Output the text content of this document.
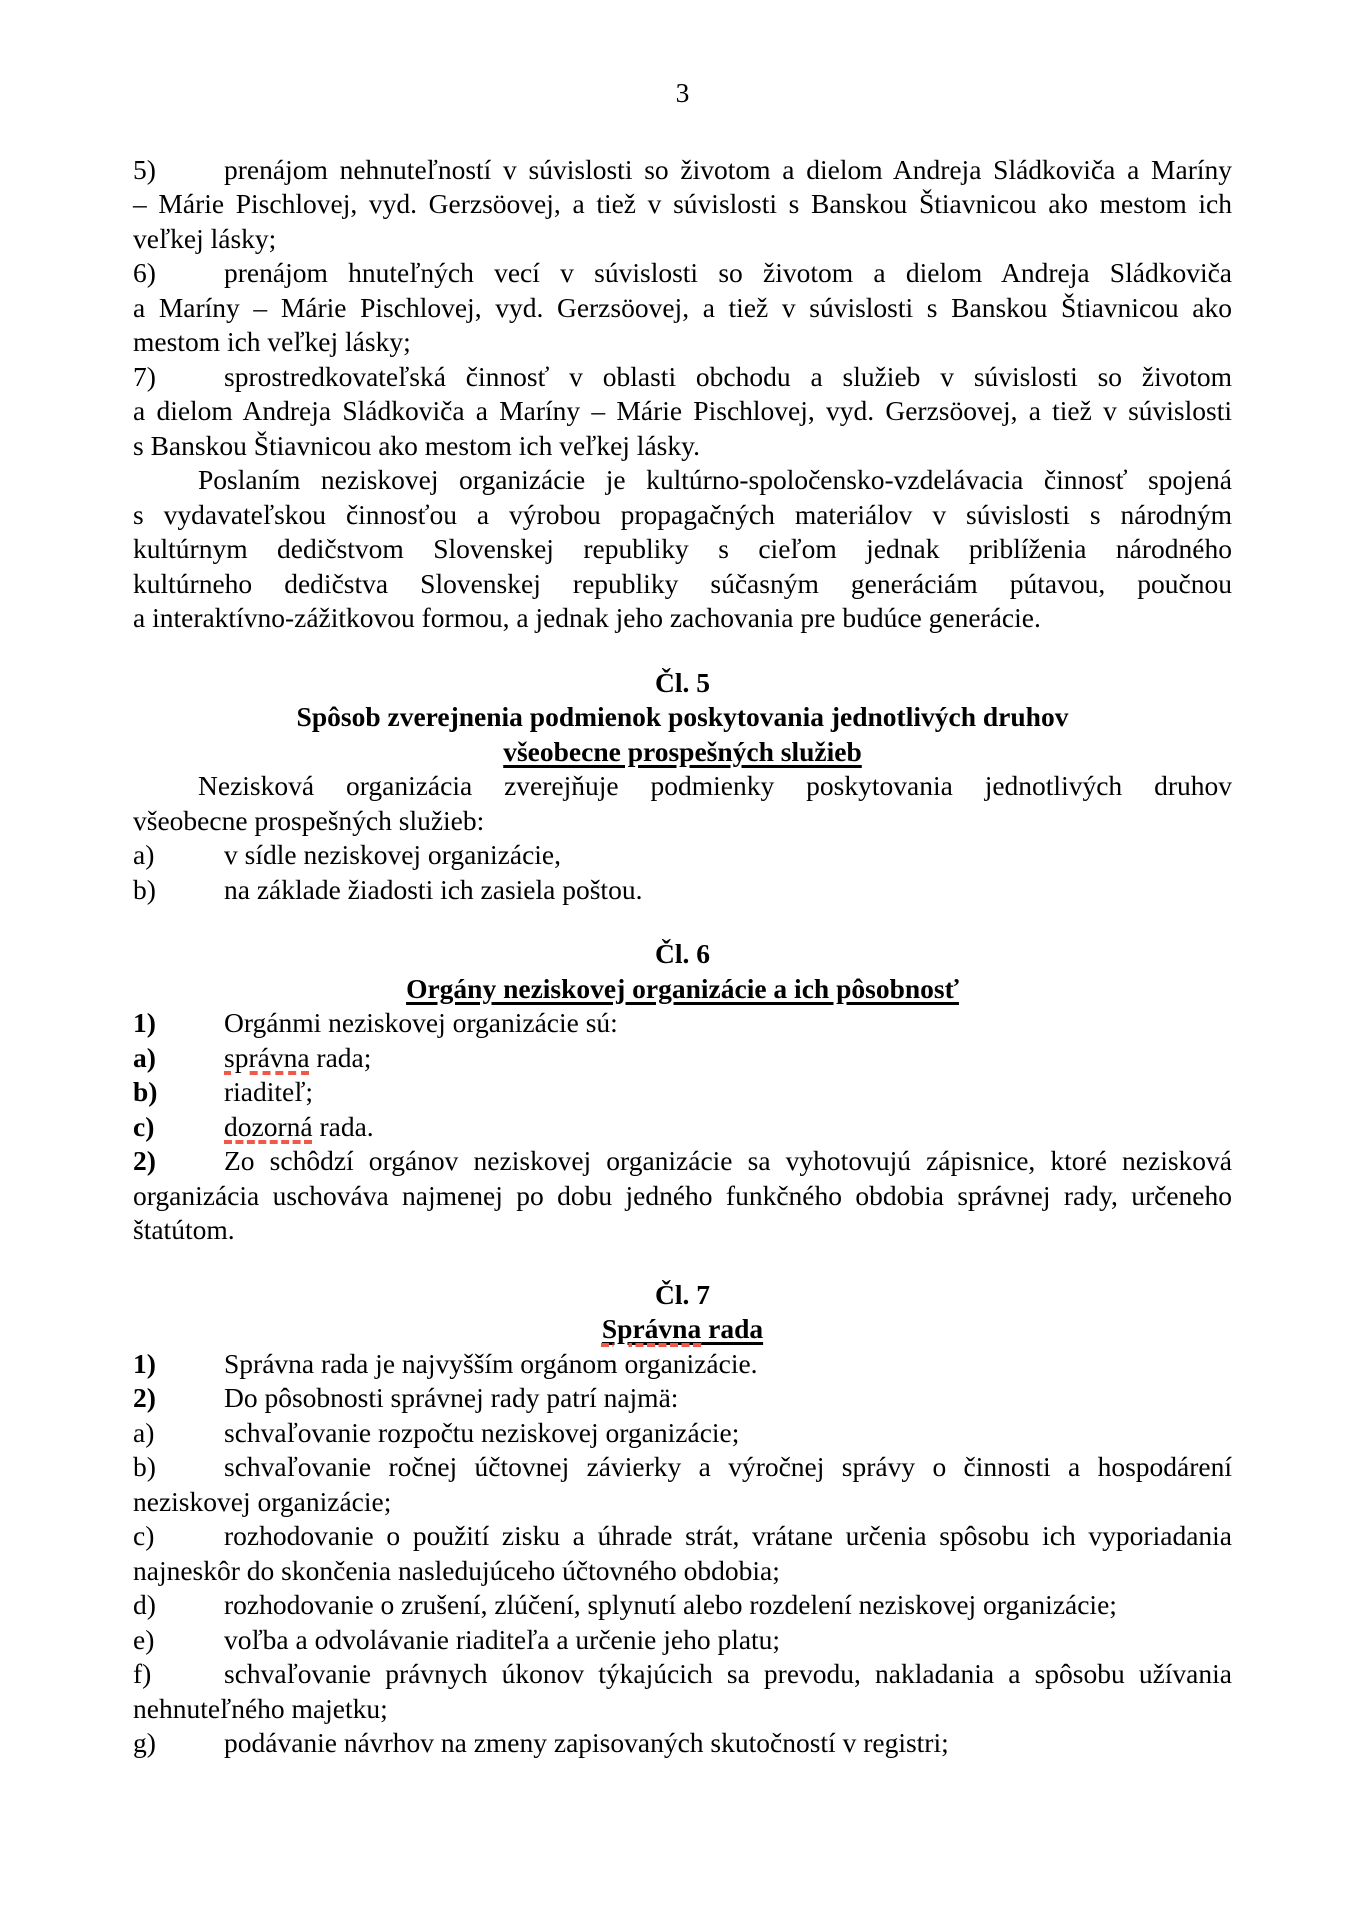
3
5) prenájom nehnuteľností v súvislosti so životom a dielom Andreja Sládkoviča a Maríny
– Márie Pischlovej, vyd. Gerzsöovej, a tiež v súvislosti s Banskou Štiavnicou ako mestom ich
veľkej lásky;
6) prenájom hnuteľných vecí v súvislosti so životom a dielom Andreja Sládkoviča
a Maríny – Márie Pischlovej, vyd. Gerzsöovej, a tiež v súvislosti s Banskou Štiavnicou ako
mestom ich veľkej lásky;
7) sprostredkovateľská činnosť v oblasti obchodu a služieb v súvislosti so životom
a dielom Andreja Sládkoviča a Maríny – Márie Pischlovej, vyd. Gerzsöovej, a tiež v súvislosti
s Banskou Štiavnicou ako mestom ich veľkej lásky.
Poslaním neziskovej organizácie je kultúrno-spoločensko-vzdelávacia činnosť spojená
s vydavateľskou činnosťou a výrobou propagačných materiálov v súvislosti s národným
kultúrnym dedičstvom Slovenskej republiky s cieľom jednak priblíženia národného
kultúrneho dedičstva Slovenskej republiky súčasným generáciám pútavou, poučnou
a interaktívno-zážitkovou formou, a jednak jeho zachovania pre budúce generácie.
Čl. 5
Spôsob zverejnenia podmienok poskytovania jednotlivých druhov
všeobecne prospešných služieb
Nezisková organizácia zverejňuje podmienky poskytovania jednotlivých druhov
všeobecne prospešných služieb:
a)	v sídle neziskovej organizácie,
b) na základe žiadosti ich zasiela poštou.
Čl. 6
Orgány neziskovej organizácie a ich pôsobnosť
1) Orgánmi neziskovej organizácie sú:
a) správna rada;
b) riaditeľ;
c)	dozorná rada.
2) Zo schôdzí orgánov neziskovej organizácie sa vyhotovujú zápisnice, ktoré nezisková
organizácia uschováva najmenej po dobu jedného funkčného obdobia správnej rady, určeneho
štatútom.
Čl. 7
Správna rada
1) Správna rada je najvyšším orgánom organizácie.
2) Do pôsobnosti správnej rady patrí najmä:
a)	schvaľovanie rozpočtu neziskovej organizácie;
b) schvaľovanie ročnej účtovnej závierky a výročnej správy o činnosti a hospodárení
neziskovej organizácie;
c)	rozhodovanie o použití zisku a úhrade strát, vrátane určenia spôsobu ich vyporiadania
najneskôr do skončenia nasledujúceho účtovného obdobia;
d) rozhodovanie o zrušení, zlúčení, splynutí alebo rozdelení neziskovej organizácie;
e)	voľba a odvolávanie riaditeľa a určenie jeho platu;
f)	schvaľovanie právnych úkonov týkajúcich sa prevodu, nakladania a spôsobu užívania
nehnuteľného majetku;
g) podávanie návrhov na zmeny zapisovaných skutočností v registri;
